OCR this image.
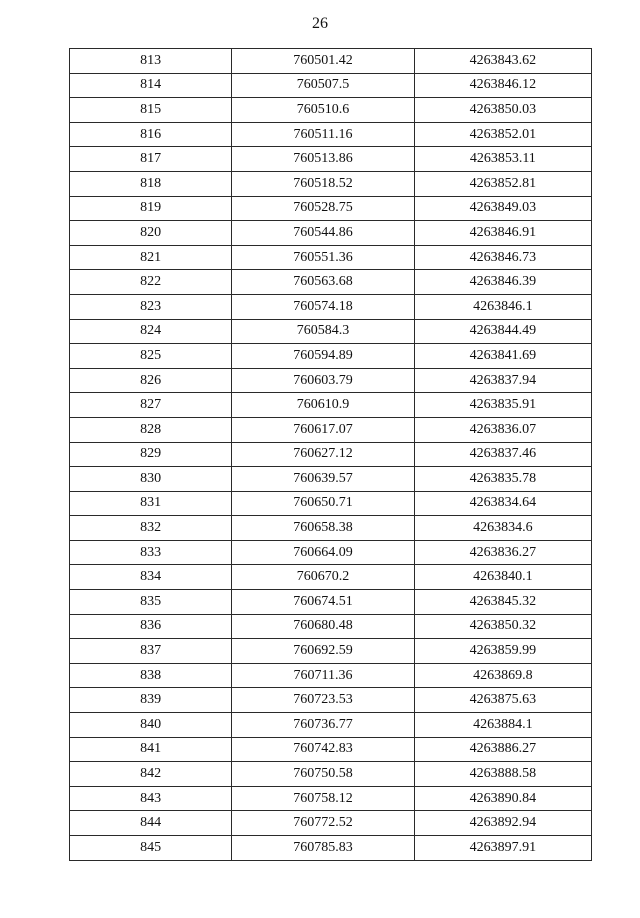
26
813	760501.42	4263843.62
814	760507.5	4263846.12
815	760510.6	4263850.03
816	760511.16	4263852.01
817	760513.86	4263853.11
818	760518.52	4263852.81
819	760528.75	4263849.03
820	760544.86	4263846.91
821	760551.36	4263846.73
822	760563.68	4263846.39
823	760574.18	4263846.1
824	760584.3	4263844.49
825	760594.89	4263841.69
826	760603.79	4263837.94
827	760610.9	4263835.91
828	760617.07	4263836.07
829	760627.12	4263837.46
830	760639.57	4263835.78
831	760650.71	4263834.64
832	760658.38	4263834.6
833	760664.09	4263836.27
834	760670.2	4263840.1
835	760674.51	4263845.32
836	760680.48	4263850.32
837	760692.59	4263859.99
838	760711.36	4263869.8
839	760723.53	4263875.63
840	760736.77	4263884.1
841	760742.83	4263886.27
842	760750.58	4263888.58
843	760758.12	4263890.84
844	760772.52	4263892.94
845	760785.83	4263897.91
